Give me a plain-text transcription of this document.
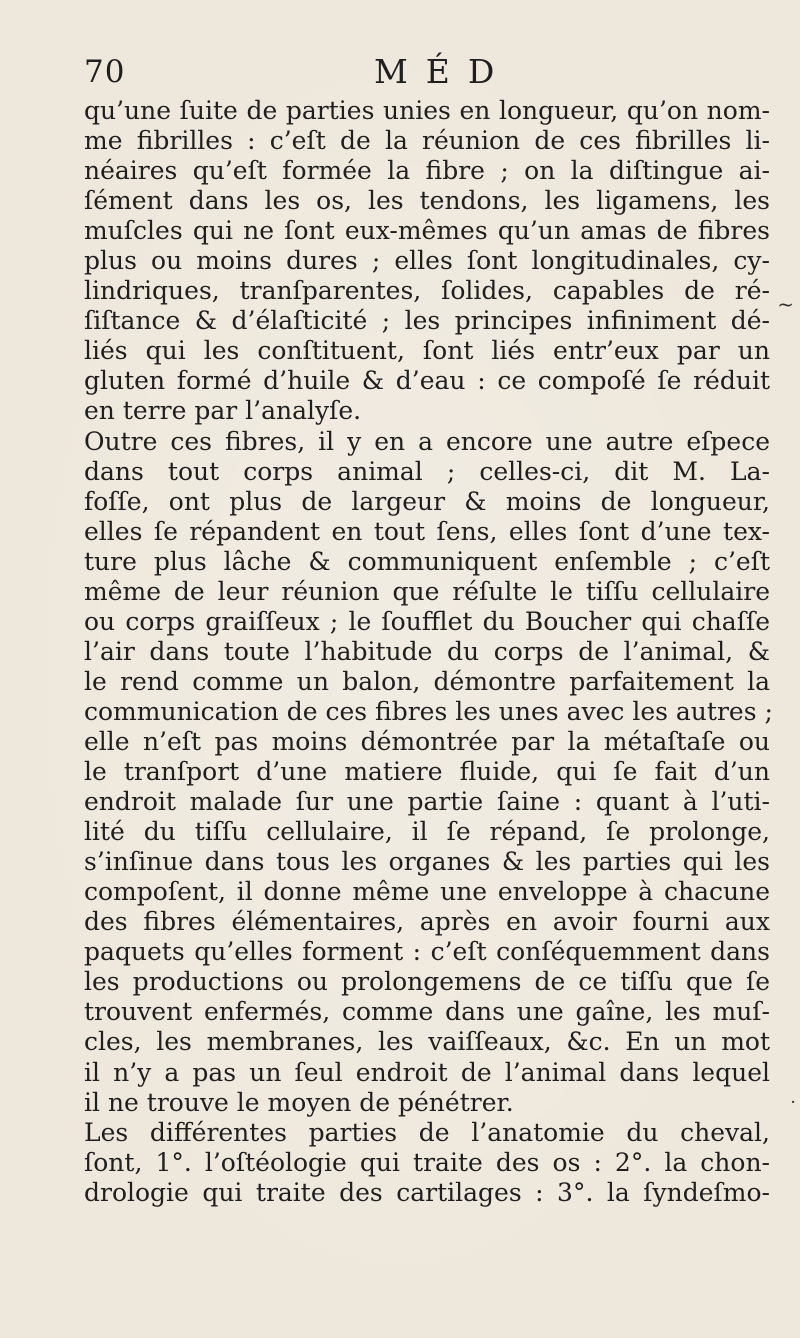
70	MÉD
qu’une ſuite de parties unies en longueur, qu’on nom‑
me fibrilles : c’eſt de la réunion de ces fibrilles li-
néaires qu’eſt formée la fibre ; on la diſtingue ai-
ſément dans les os, les tendons, les ligamens, les
muſcles qui ne ſont eux-mêmes qu’un amas de fibres
plus ou moins dures ; elles ſont longitudinales, cy-
lindriques, tranſparentes, ſolides, capables de ré-
ſiſtance & d’élaſticité ; les principes infiniment dé-
liés qui les conſtituent, ſont liés entr’eux par un
gluten formé d’huile & d’eau : ce compoſé ſe réduit
en terre par l’analyſe.
Outre ces fibres, il y en a encore une autre eſpece
dans tout corps animal ; celles-ci, dit M. La-
foſſe, ont plus de largeur & moins de longueur,
elles ſe répandent en tout ſens, elles ſont d’une tex-
ture plus lâche & communiquent enſemble ; c’eſt
même de leur réunion que réſulte le tiſſu cellulaire
ou corps graiſſeux ; le ſoufflet du Boucher qui chaſſe
l’air dans toute l’habitude du corps de l’animal, &
le rend comme un balon, démontre parfaitement la
communication de ces fibres les unes avec les autres ;
elle n’eſt pas moins démontrée par la métaſtaſe ou
le tranſport d’une matiere fluide, qui ſe fait d’un
endroit malade ſur une partie ſaine : quant à l’uti-
lité du tiſſu cellulaire, il ſe répand, ſe prolonge,
s’inſinue dans tous les organes & les parties qui les
compoſent, il donne même une enveloppe à chacune
des fibres élémentaires, après en avoir fourni aux
paquets qu’elles forment : c’eſt conſéquemment dans
les productions ou prolongemens de ce tiſſu que ſe
trouvent enfermés, comme dans une gaîne, les muſ-
cles, les membranes, les vaiſſeaux, &c. En un mot
il n’y a pas un ſeul endroit de l’animal dans lequel
il ne trouve le moyen de pénétrer.
Les différentes parties de l’anatomie du cheval,
ſont, 1°. l’oſtéologie qui traite des os : 2°. la chon-
drologie qui traite des cartilages : 3°. la ſyndeſmo-
~
·
